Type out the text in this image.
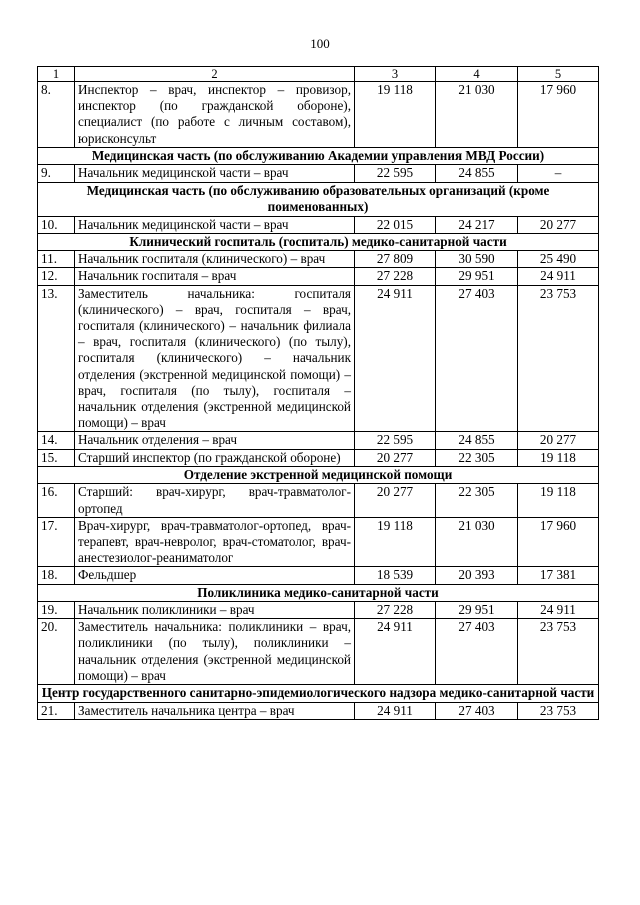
100
1	2	3	4	5
8.	Инспектор – врач, инспектор – провизор, инспектор (по гражданской обороне), специалист (по работе с личным составом), юрисконсульт	19 118	21 030	17 960
Медицинская часть (по обслуживанию Академии управления МВД России)				
9.	Начальник медицинской части – врач	22 595	24 855	–
Медицинская часть (по обслуживанию образовательных организаций (кроме поименованных)				
10.	Начальник медицинской части – врач	22 015	24 217	20 277
Клинический госпиталь (госпиталь) медико-санитарной части				
11.	Начальник госпиталя (клинического) – врач	27 809	30 590	25 490
12.	Начальник госпиталя – врач	27 228	29 951	24 911
13.	Заместитель начальника: госпиталя (клинического) – врач, госпиталя – врач, госпиталя (клинического) – начальник филиала – врач, госпиталя (клинического) (по тылу), госпиталя (клинического) – начальник отделения (экстренной медицинской помощи) – врач, госпиталя (по тылу), госпиталя – начальник отделения (экстренной медицинской помощи) – врач	24 911	27 403	23 753
14.	Начальник отделения – врач	22 595	24 855	20 277
15.	Старший инспектор (по гражданской обороне)	20 277	22 305	19 118
Отделение экстренной медицинской помощи				
16.	Старший: врач-хирург, врач-травматолог-ортопед	20 277	22 305	19 118
17.	Врач-хирург, врач-травматолог-ортопед, врач-терапевт, врач-невролог, врач-стоматолог, врач-анестезиолог-реаниматолог	19 118	21 030	17 960
18.	Фельдшер	18 539	20 393	17 381
Поликлиника медико-санитарной части				
19.	Начальник поликлиники – врач	27 228	29 951	24 911
20.	Заместитель начальника: поликлиники – врач, поликлиники (по тылу), поликлиники – начальник отделения (экстренной медицинской помощи) – врач	24 911	27 403	23 753
Центр государственного санитарно-эпидемиологического надзора медико-санитарной части				
21.	Заместитель начальника центра – врач	24 911	27 403	23 753
